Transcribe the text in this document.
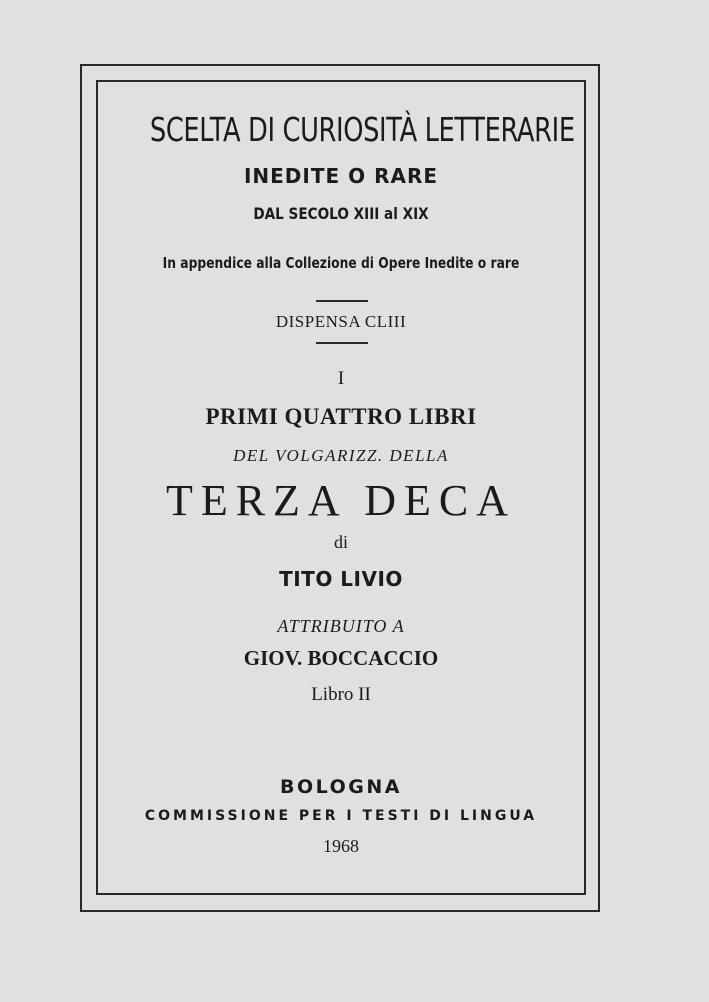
SCELTA DI CURIOSITÀ LETTERARIE
INEDITE O RARE
DAL SECOLO XIII al XIX
In appendice alla Collezione di Opere Inedite o rare
DISPENSA CLIII
I
PRIMI QUATTRO LIBRI
DEL VOLGARIZZ. DELLA
TERZA DECA
di
TITO LIVIO
ATTRIBUITO A
GIOV. BOCCACCIO
Libro II
BOLOGNA
COMMISSIONE PER I TESTI DI LINGUA
1968
